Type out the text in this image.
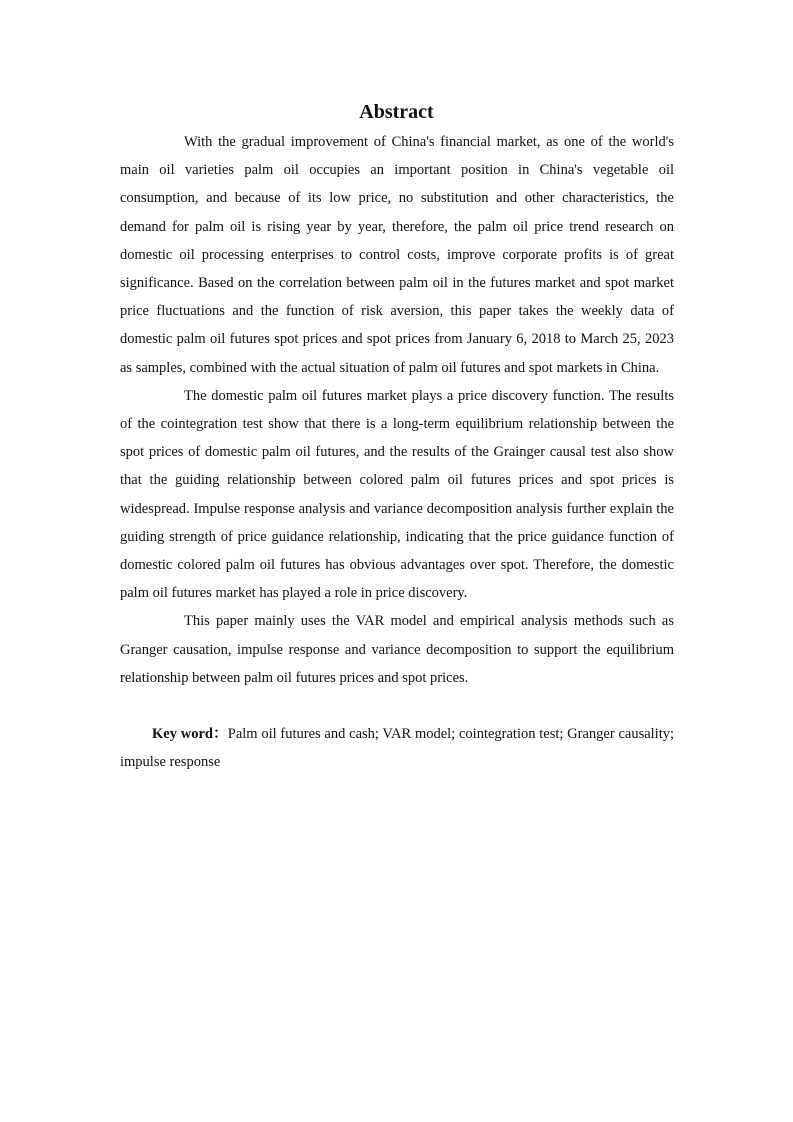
Abstract

With the gradual improvement of China's financial market, as one of the world's main oil varieties palm oil occupies an important position in China's vegetable oil consumption, and because of its low price, no substitution and other characteristics, the demand for palm oil is rising year by year, therefore, the palm oil price trend research on domestic oil processing enterprises to control costs, improve corporate profits is of great significance. Based on the correlation between palm oil in the futures market and spot market price fluctuations and the function of risk aversion, this paper takes the weekly data of domestic palm oil futures spot prices and spot prices from January 6, 2018 to March 25, 2023 as samples, combined with the actual situation of palm oil futures and spot markets in China.

The domestic palm oil futures market plays a price discovery function. The results of the cointegration test show that there is a long-term equilibrium relationship between the spot prices of domestic palm oil futures, and the results of the Grainger causal test also show that the guiding relationship between colored palm oil futures prices and spot prices is widespread. Impulse response analysis and variance decomposition analysis further explain the guiding strength of price guidance relationship, indicating that the price guidance function of domestic colored palm oil futures has obvious advantages over spot. Therefore, the domestic palm oil futures market has played a role in price discovery.

This paper mainly uses the VAR model and empirical analysis methods such as Granger causation, impulse response and variance decomposition to support the equilibrium relationship between palm oil futures prices and spot prices.

Key word：Palm oil futures and cash; VAR model; cointegration test; Granger causality; impulse response
